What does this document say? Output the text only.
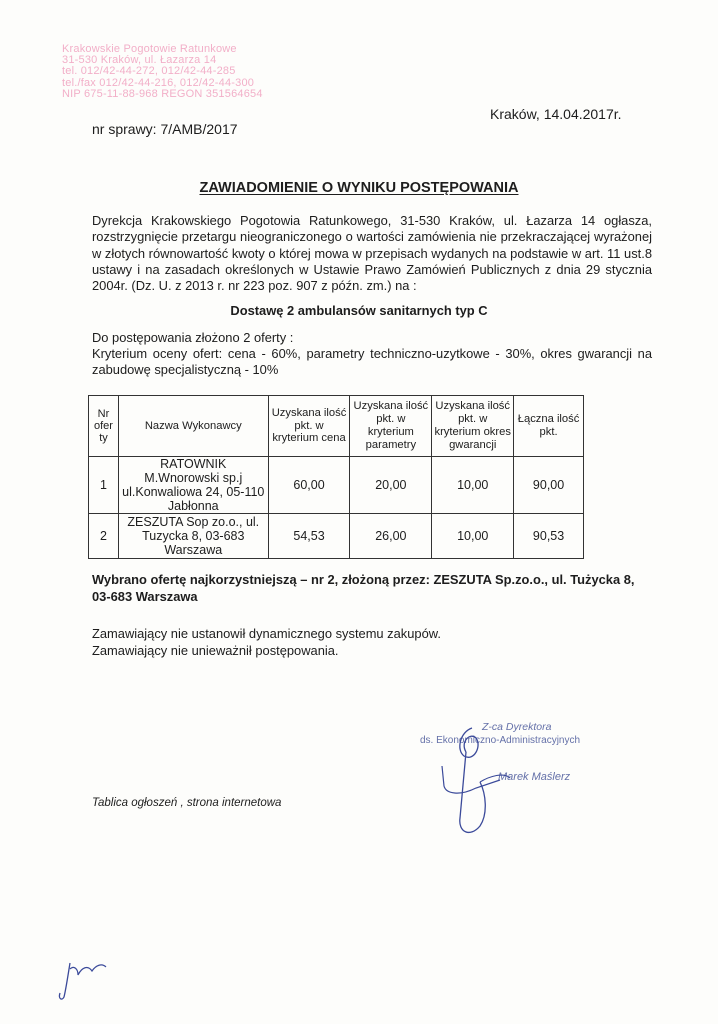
Krakowskie Pogotowie Ratunkowe
31-530 Kraków, ul. Łazarza 14
tel. 012/42-44-272, 012/42-44-285
tel./fax 012/42-44-216, 012/42-44-300
NIP 675-11-88-968 REGON 351564654
Kraków, 14.04.2017r.
nr sprawy: 7/AMB/2017
ZAWIADOMIENIE O WYNIKU POSTĘPOWANIA
Dyrekcja Krakowskiego Pogotowia Ratunkowego, 31-530 Kraków, ul. Łazarza 14 ogłasza, rozstrzygnięcie przetargu nieograniczonego o wartości zamówienia nie przekraczającej wyrażonej w złotych równowartość kwoty o której mowa w przepisach wydanych na podstawie w art. 11 ust.8 ustawy i na zasadach określonych w Ustawie Prawo Zamówień Publicznych z dnia 29 stycznia 2004r. (Dz. U. z 2013 r. nr 223 poz. 907 z późn. zm.) na :
Dostawę 2 ambulansów sanitarnych typ C
Do postępowania złożono 2 oferty :
Kryterium oceny ofert: cena - 60%, parametry techniczno-uzytkowe - 30%, okres gwarancji na zabudowę specjalistyczną - 10%
Nr ofer ty	Nazwa Wykonawcy	Uzyskana ilość pkt. w kryterium cena	Uzyskana ilość pkt. w kryterium parametry	Uzyskana ilość pkt. w kryterium okres gwarancji	Łączna ilość pkt.
1	RATOWNIK M.Wnorowski sp.j ul.Konwaliowa 24, 05-110 Jabłonna	60,00	20,00	10,00	90,00
2	ZESZUTA Sop zo.o., ul. Tuzycka 8, 03-683 Warszawa	54,53	26,00	10,00	90,53
Wybrano ofertę najkorzystniejszą – nr 2, złożoną przez: ZESZUTA Sp.zo.o., ul. Tużycka 8, 03-683 Warszawa
Zamawiający nie ustanowił dynamicznego systemu zakupów.
Zamawiający nie unieważnił postępowania.
Z-ca Dyrektora
ds. Ekonomiczno-Administracyjnych
Marek Maślerz
Tablica ogłoszeń , strona internetowa
